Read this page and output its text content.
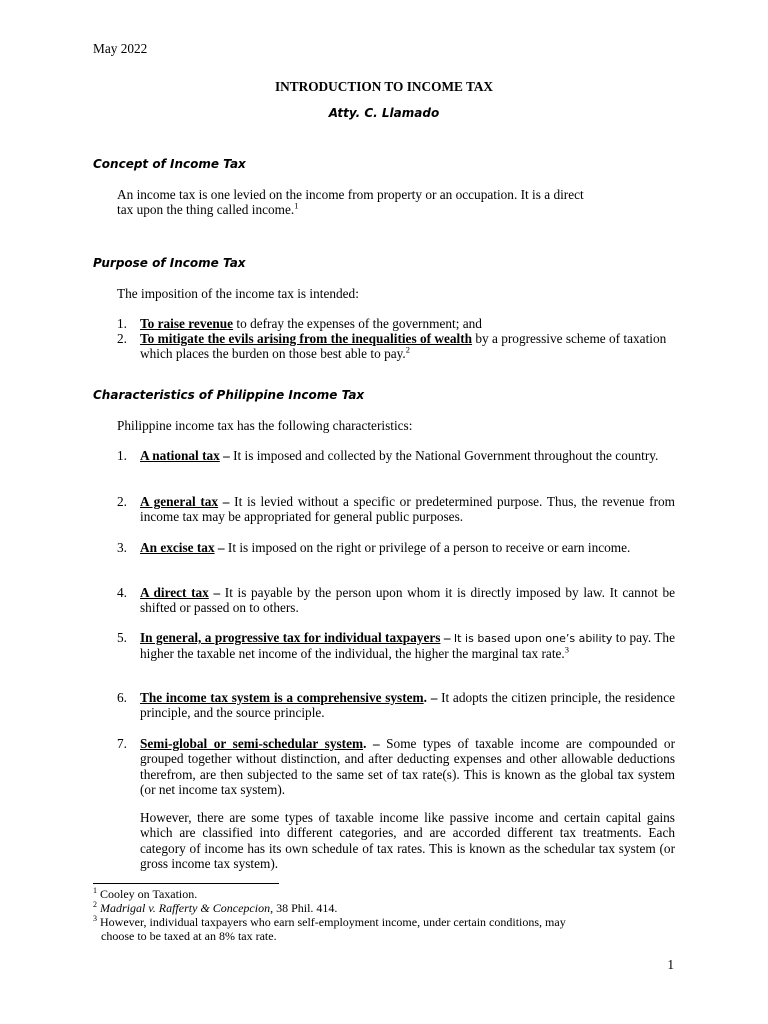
May 2022
INTRODUCTION TO INCOME TAX
Atty. C. Llamado
Concept of Income Tax
An income tax is one levied on the income from property or an occupation. It is a direct
tax upon the thing called income.$^1$
Purpose of Income Tax
The imposition of the income tax is intended:
1. To raise revenue to defray the expenses of the government; and
2. To mitigate the evils arising from the inequalities of wealth by a progressive scheme of taxation which places the burden on those best able to pay.$^2$
Characteristics of Philippine Income Tax
Philippine income tax has the following characteristics:
1. A national tax – It is imposed and collected by the National Government throughout the country.
2. A general tax – It is levied without a specific or predetermined purpose. Thus, the revenue from income tax may be appropriated for general public purposes.
3. An excise tax – It is imposed on the right or privilege of a person to receive or earn income.
4. A direct tax – It is payable by the person upon whom it is directly imposed by law. It cannot be shifted or passed on to others.
5. In general, a progressive tax for individual taxpayers – It is based upon one’s ability to pay. The higher the taxable net income of the individual, the higher the marginal tax rate.$^3$
6. The income tax system is a comprehensive system. – It adopts the citizen principle, the residence principle, and the source principle.
7. Semi-global or semi-schedular system. – Some types of taxable income are compounded or grouped together without distinction, and after deducting expenses and other allowable deductions therefrom, are then subjected to the same set of tax rate(s). This is known as the global tax system (or net income tax system).
However, there are some types of taxable income like passive income and certain capital gains which are classified into different categories, and are accorded different tax treatments. Each category of income has its own schedule of tax rates. This is known as the schedular tax system (or gross income tax system).
$^1$ Cooley on Taxation.
$^2$ Madrigal v. Rafferty & Concepcion, 38 Phil. 414.
$^3$ However, individual taxpayers who earn self-employment income, under certain conditions, may
choose to be taxed at an 8% tax rate.
1
